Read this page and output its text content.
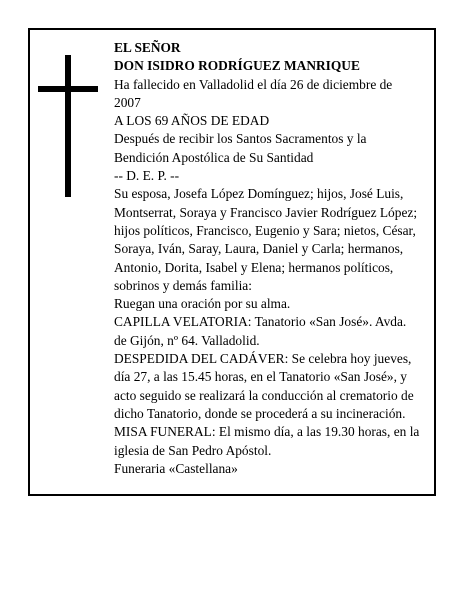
EL SEÑOR

DON ISIDRO RODRÍGUEZ MANRIQUE

Ha fallecido en Valladolid el día 26 de diciembre de 2007

A LOS 69 AÑOS DE EDAD

Después de recibir los Santos Sacramentos y la Bendición Apostólica de Su Santidad

-- D. E. P. --

Su esposa, Josefa López Domínguez; hijos, José Luis, Montserrat, Soraya y Francisco Javier Rodríguez López; hijos políticos, Francisco, Eugenio y Sara; nietos, César, Soraya, Iván, Saray, Laura, Daniel y Carla; hermanos, Antonio, Dorita, Isabel y Elena; hermanos políticos, sobrinos y demás familia:

Ruegan una oración por su alma.

CAPILLA VELATORIA: Tanatorio «San José». Avda. de Gijón, nº 64. Valladolid.

DESPEDIDA DEL CADÁVER: Se celebra hoy jueves, día 27, a las 15.45 horas, en el Tanatorio «San José», y acto seguido se realizará la conducción al crematorio de dicho Tanatorio, donde se procederá a su incineración.

MISA FUNERAL: El mismo día, a las 19.30 horas, en la iglesia de San Pedro Apóstol.

Funeraria «Castellana»
